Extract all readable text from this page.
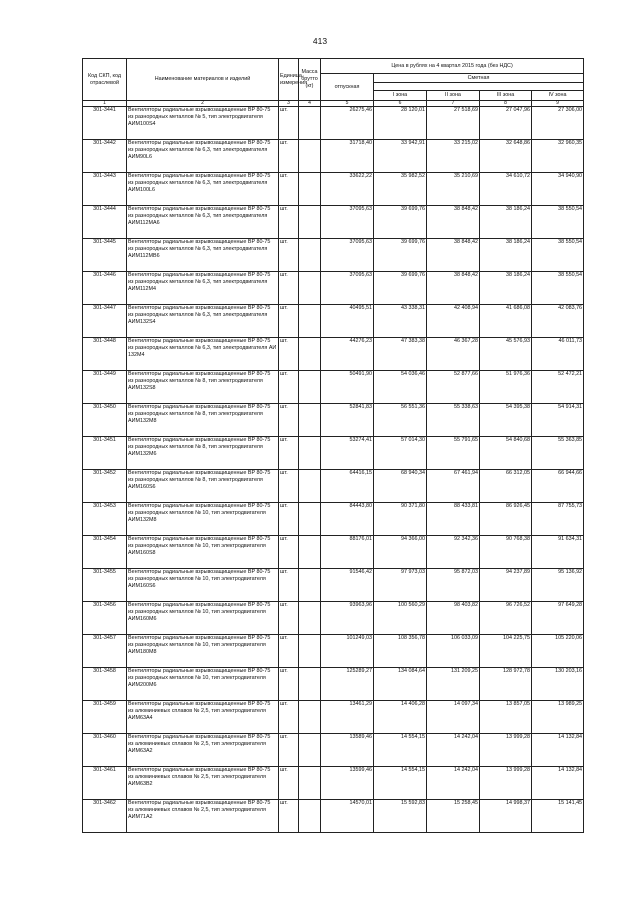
413
Код СКП, код отраслевой	Наименование материалов и изделий	Единица измерения	Масса брутто (кг)	Цена в рублях на 4 квартал 2015 года (без НДС)				
				отпускная	Сметная			

					I зона	II зона	III зона	IV зона
1	2	3	4	5	6	7	8	9
301-3441	Вентиляторы радиальные взрывозащищенные ВР 80-75 из разнородных металлов № 5, тип электродвигателя АИМ100S4	шт.		26275,46	28 120,01	27 518,69	27 047,96	27 306,00
301-3442	Вентиляторы радиальные взрывозащищенные ВР 80-75 из разнородных металлов № 6,3, тип электродвигателя АИМ90L6	шт.		31718,40	33 942,91	33 215,02	32 648,86	32 960,35
301-3443	Вентиляторы радиальные взрывозащищенные ВР 80-75 из разнородных металлов № 6,3, тип электродвигателя АИМ100L6	шт.		33622,22	35 982,52	35 210,69	34 610,72	34 940,90
301-3444	Вентиляторы радиальные взрывозащищенные ВР 80-75 из разнородных металлов № 6,3, тип электродвигателя АИМ112МА6	шт.		37095,63	39 699,76	38 848,42	38 186,24	38 550,54
301-3445	Вентиляторы радиальные взрывозащищенные ВР 80-75 из разнородных металлов № 6,3, тип электродвигателя АИМ112МВ6	шт.		37095,63	39 699,76	38 848,42	38 186,24	38 550,54
301-3446	Вентиляторы радиальные взрывозащищенные ВР 80-75 из разнородных металлов № 6,3, тип электродвигателя АИМ112М4	шт.		37095,63	39 699,76	38 848,42	38 186,24	38 550,54
301-3447	Вентиляторы радиальные взрывозащищенные ВР 80-75 из разнородных металлов № 6,3, тип электродвигателя АИМ132S4	шт.		40495,51	43 338,31	42 408,94	41 686,08	42 083,76
301-3448	Вентиляторы радиальные взрывозащищенные ВР 80-75 из разнородных металлов № 6,3, тип электродвигателя АИ 132М4	шт.		44276,23	47 383,38	46 367,28	45 576,93	46 011,73
301-3449	Вентиляторы радиальные взрывозащищенные ВР 80-75 из разнородных металлов № 8, тип электродвигателя АИМ132S8	шт.		50491,90	54 036,46	52 877,66	51 976,36	52 472,21
301-3450	Вентиляторы радиальные взрывозащищенные ВР 80-75 из разнородных металлов № 8, тип электродвигателя АИМ132М8	шт.		52841,83	56 551,36	55 338,63	54 395,38	54 914,31
301-3451	Вентиляторы радиальные взрывозащищенные ВР 80-75 из разнородных металлов № 8, тип электродвигателя АИМ132М6	шт.		53274,41	57 014,30	55 791,65	54 840,68	55 363,85
301-3452	Вентиляторы радиальные взрывозащищенные ВР 80-75 из разнородных металлов № 8, тип электродвигателя АИМ160S6	шт.		64416,15	68 940,34	67 461,94	66 312,05	66 944,66
301-3453	Вентиляторы радиальные взрывозащищенные ВР 80-75 из разнородных металлов № 10, тип электродвигателя АИМ132М8	шт.		84443,80	90 371,80	88 433,81	86 926,45	87 755,73
301-3454	Вентиляторы радиальные взрывозащищенные ВР 80-75 из разнородных металлов № 10, тип электродвигателя АИМ160S8	шт.		88176,01	94 366,00	92 342,36	90 768,38	91 634,31
301-3455	Вентиляторы радиальные взрывозащищенные ВР 80-75 из разнородных металлов № 10, тип электродвигателя АИМ160S6	шт.		91546,42	97 973,03	95 872,03	94 237,89	95 136,92
301-3456	Вентиляторы радиальные взрывозащищенные ВР 80-75 из разнородных металлов № 10, тип электродвигателя АИМ160М6	шт.		93963,96	100 560,29	98 403,82	96 726,52	97 649,28
301-3457	Вентиляторы радиальные взрывозащищенные ВР 80-75 из разнородных металлов № 10, тип электродвигателя АИМ180М8	шт.		101249,03	108 356,78	106 033,09	104 225,75	105 220,06
301-3458	Вентиляторы радиальные взрывозащищенные ВР 80-75 из разнородных металлов № 10, тип электродвигателя АИМ200М6	шт.		125289,27	134 084,64	131 209,25	128 972,78	130 203,16
301-3459	Вентиляторы радиальные взрывозащищенные ВР 80-75 из алюминиевых сплавов № 2,5, тип электродвигателя АИМ63А4	шт.		13461,29	14 406,28	14 097,34	13 857,05	13 989,25
301-3460	Вентиляторы радиальные взрывозащищенные ВР 80-75 из алюминиевых сплавов № 2,5, тип электродвигателя АИМ63А2	шт.		13589,46	14 554,15	14 242,04	13 999,28	14 132,84
301-3461	Вентиляторы радиальные взрывозащищенные ВР 80-75 из алюминиевых сплавов № 2,5, тип электродвигателя АИМ63В2	шт.		13599,46	14 554,15	14 242,04	13 999,28	14 132,84
301-3462	Вентиляторы радиальные взрывозащищенные ВР 80-75 из алюминиевых сплавов № 2,5, тип электродвигателя АИМ71А2	шт.		14570,01	15 592,83	15 258,45	14 998,37	15 141,45
